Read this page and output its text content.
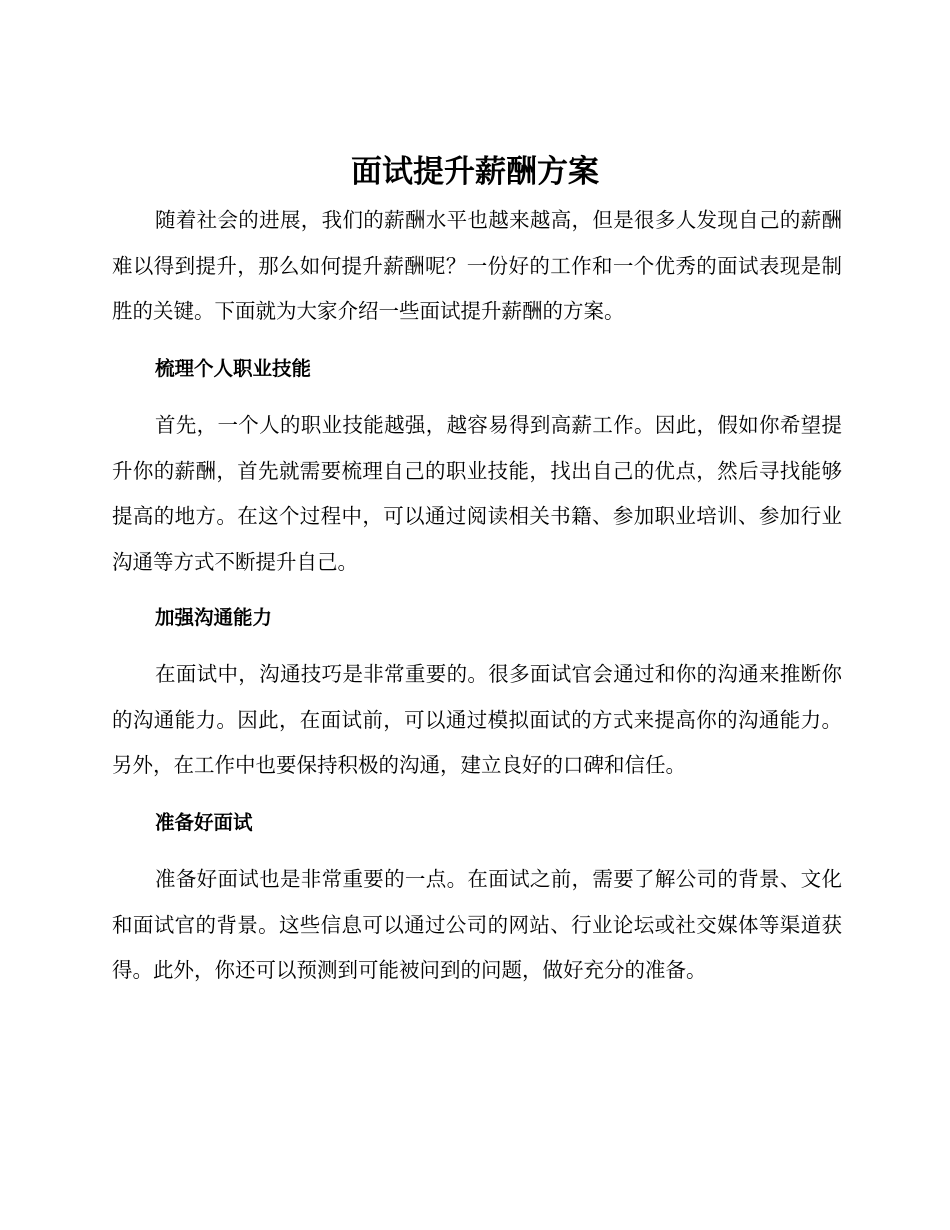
面试提升薪酬方案

随着社会的进展，我们的薪酬水平也越来越高，但是很多人发现自己的薪酬难以得到提升，那么如何提升薪酬呢？一份好的工作和一个优秀的面试表现是制胜的关键。下面就为大家介绍一些面试提升薪酬的方案。

梳理个人职业技能

首先，一个人的职业技能越强，越容易得到高薪工作。因此，假如你希望提升你的薪酬，首先就需要梳理自己的职业技能，找出自己的优点，然后寻找能够提高的地方。在这个过程中，可以通过阅读相关书籍、参加职业培训、参加行业沟通等方式不断提升自己。

加强沟通能力

在面试中，沟通技巧是非常重要的。很多面试官会通过和你的沟通来推断你的沟通能力。因此，在面试前，可以通过模拟面试的方式来提高你的沟通能力。另外，在工作中也要保持积极的沟通，建立良好的口碑和信任。

准备好面试

准备好面试也是非常重要的一点。在面试之前，需要了解公司的背景、文化和面试官的背景。这些信息可以通过公司的网站、行业论坛或社交媒体等渠道获得。此外，你还可以预测到可能被问到的问题，做好充分的准备。
